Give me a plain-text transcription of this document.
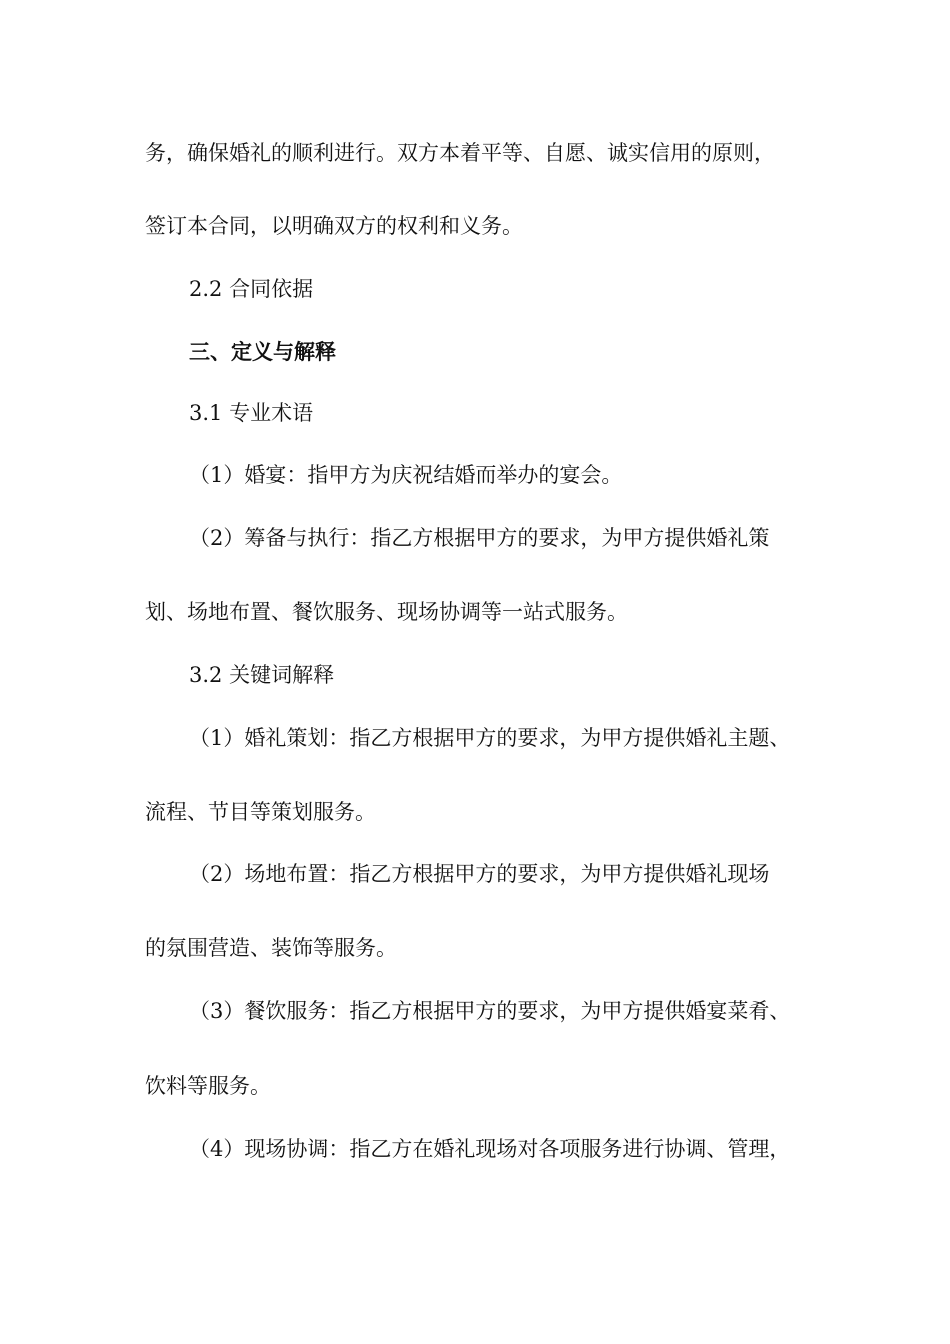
务，确保婚礼的顺利进行。双方本着平等、自愿、诚实信用的原则，
签订本合同，以明确双方的权利和义务。
2.2 合同依据
三、定义与解释
3.1 专业术语
（1）婚宴：指甲方为庆祝结婚而举办的宴会。
（2）筹备与执行：指乙方根据甲方的要求，为甲方提供婚礼策
划、场地布置、餐饮服务、现场协调等一站式服务。
3.2 关键词解释
（1）婚礼策划：指乙方根据甲方的要求，为甲方提供婚礼主题、
流程、节目等策划服务。
（2）场地布置：指乙方根据甲方的要求，为甲方提供婚礼现场
的氛围营造、装饰等服务。
（3）餐饮服务：指乙方根据甲方的要求，为甲方提供婚宴菜肴、
饮料等服务。
（4）现场协调：指乙方在婚礼现场对各项服务进行协调、管理，
